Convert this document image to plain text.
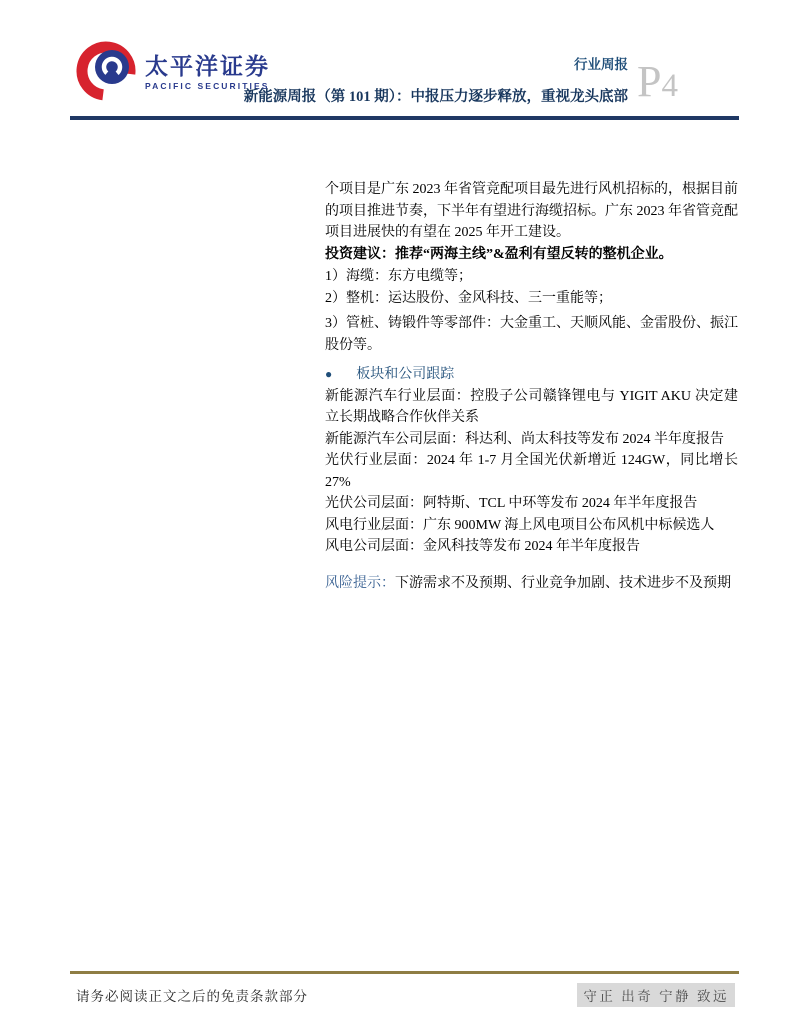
太平洋证券
PACIFIC SECURITIES
行业周报
新能源周报（第 101 期）：中报压力逐步释放，重视龙头底部 P4
个项目是广东 2023 年省管竞配项目最先进行风机招标的，根据目前的项目推进节奏，下半年有望进行海缆招标。广东 2023 年省管竞配项目进展快的有望在 2025 年开工建设。
投资建议：推荐“两海主线”&盈利有望反转的整机企业。
1）海缆：东方电缆等；
2）整机：运达股份、金风科技、三一重能等；
3）管桩、铸锻件等零部件：大金重工、天顺风能、金雷股份、振江股份等。
● 板块和公司跟踪
新能源汽车行业层面：控股子公司赣锋锂电与 YIGIT AKU 决定建立长期战略合作伙伴关系
新能源汽车公司层面：科达利、尚太科技等发布 2024 半年度报告
光伏行业层面：2024 年 1-7 月全国光伏新增近 124GW，同比增长 27%
光伏公司层面：阿特斯、TCL 中环等发布 2024 年半年度报告
风电行业层面：广东 900MW 海上风电项目公布风机中标候选人
风电公司层面：金风科技等发布 2024 年半年度报告
风险提示：下游需求不及预期、行业竞争加剧、技术进步不及预期
请务必阅读正文之后的免责条款部分	守正 出奇 宁静 致远
